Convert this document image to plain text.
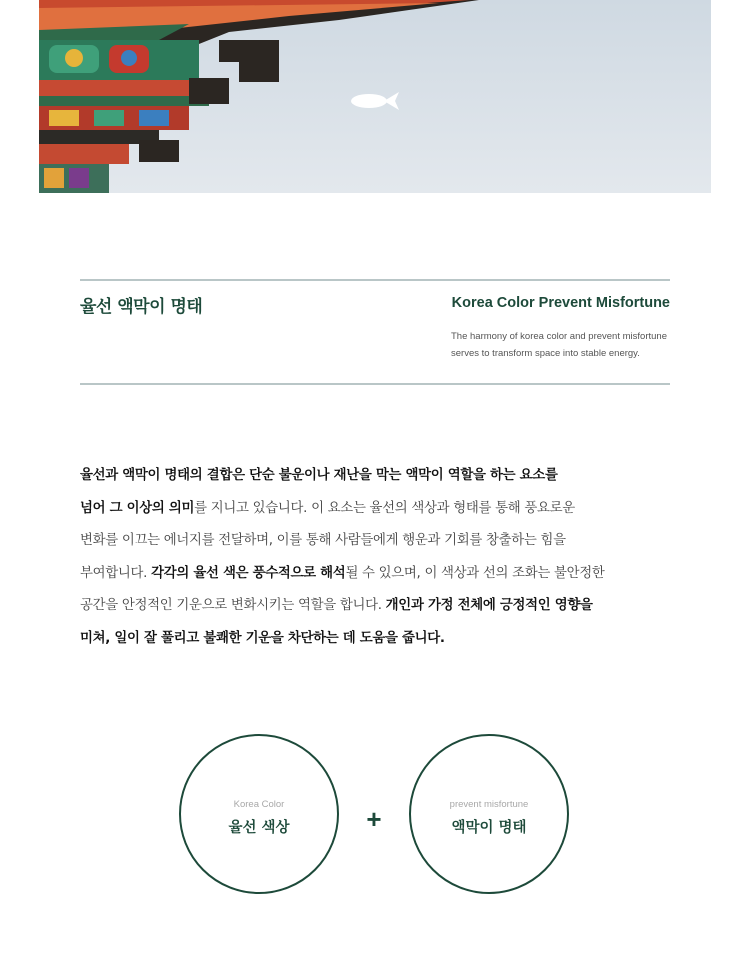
율선 액막이 명태	Korea Color Prevent Misfortune
The harmony of korea color and prevent misfortune
serves to transform space into stable energy.
율선과 액막이 명태의 결합은 단순 불운이나 재난을 막는 액막이 역할을 하는 요소를
넘어 그 이상의 의미를 지니고 있습니다. 이 요소는 율선의 색상과 형태를 통해 풍요로운
변화를 이끄는 에너지를 전달하며, 이를 통해 사람들에게 행운과 기회를 창출하는 힘을
부여합니다. 각각의 율선 색은 풍수적으로 해석될 수 있으며, 이 색상과 선의 조화는 불안정한
공간을 안정적인 기운으로 변화시키는 역할을 합니다. 개인과 가정 전체에 긍정적인 영향을
미쳐, 일이 잘 풀리고 불쾌한 기운을 차단하는 데 도움을 줍니다.
Korea Color
율선 색상	+	prevent misfortune
액막이 명태
